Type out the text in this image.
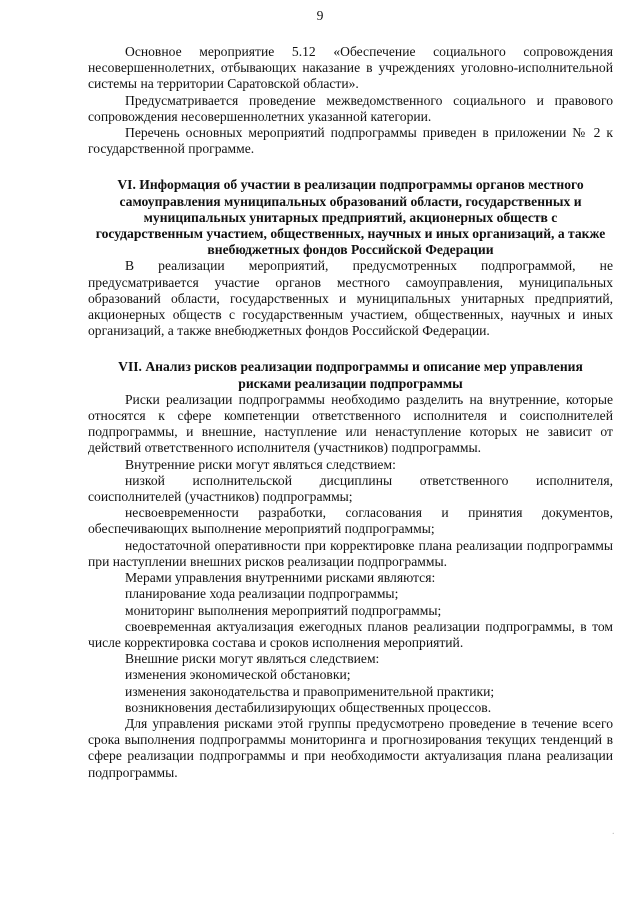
9

Основное мероприятие 5.12 «Обеспечение социального сопровождения несовершеннолетних, отбывающих наказание в учреждениях уголовно-исполнительной системы на территории Саратовской области».

Предусматривается проведение межведомственного социального и правового сопровождения несовершеннолетних указанной категории.

Перечень основных мероприятий подпрограммы приведен в приложении № 2 к государственной программе.

VI. Информация об участии в реализации подпрограммы органов местного самоуправления муниципальных образований области, государственных и муниципальных унитарных предприятий, акционерных обществ с государственным участием, общественных, научных и иных организаций, а также внебюджетных фондов Российской Федерации

В реализации мероприятий, предусмотренных подпрограммой, не предусматривается участие органов местного самоуправления, муниципальных образований области, государственных и муниципальных унитарных предприятий, акционерных обществ с государственным участием, общественных, научных и иных организаций, а также внебюджетных фондов Российской Федерации.

VII. Анализ рисков реализации подпрограммы и описание мер управления рисками реализации подпрограммы

Риски реализации подпрограммы необходимо разделить на внутренние, которые относятся к сфере компетенции ответственного исполнителя и соисполнителей подпрограммы, и внешние, наступление или ненаступление которых не зависит от действий ответственного исполнителя (участников) подпрограммы.

Внутренние риски могут являться следствием:

низкой исполнительской дисциплины ответственного исполнителя, соисполнителей (участников) подпрограммы;

несвоевременности разработки, согласования и принятия документов, обеспечивающих выполнение мероприятий подпрограммы;

недостаточной оперативности при корректировке плана реализации подпрограммы при наступлении внешних рисков реализации подпрограммы.

Мерами управления внутренними рисками являются:

планирование хода реализации подпрограммы;

мониторинг выполнения мероприятий подпрограммы;

своевременная актуализация ежегодных планов реализации подпрограммы, в том числе корректировка состава и сроков исполнения мероприятий.

Внешние риски могут являться следствием:

изменения экономической обстановки;

изменения законодательства и правоприменительной практики;

возникновения дестабилизирующих общественных процессов.

Для управления рисками этой группы предусмотрено проведение в течение всего срока выполнения подпрограммы мониторинга и прогнозирования текущих тенденций в сфере реализации подпрограммы и при необходимости актуализация плана реализации подпрограммы.

.
